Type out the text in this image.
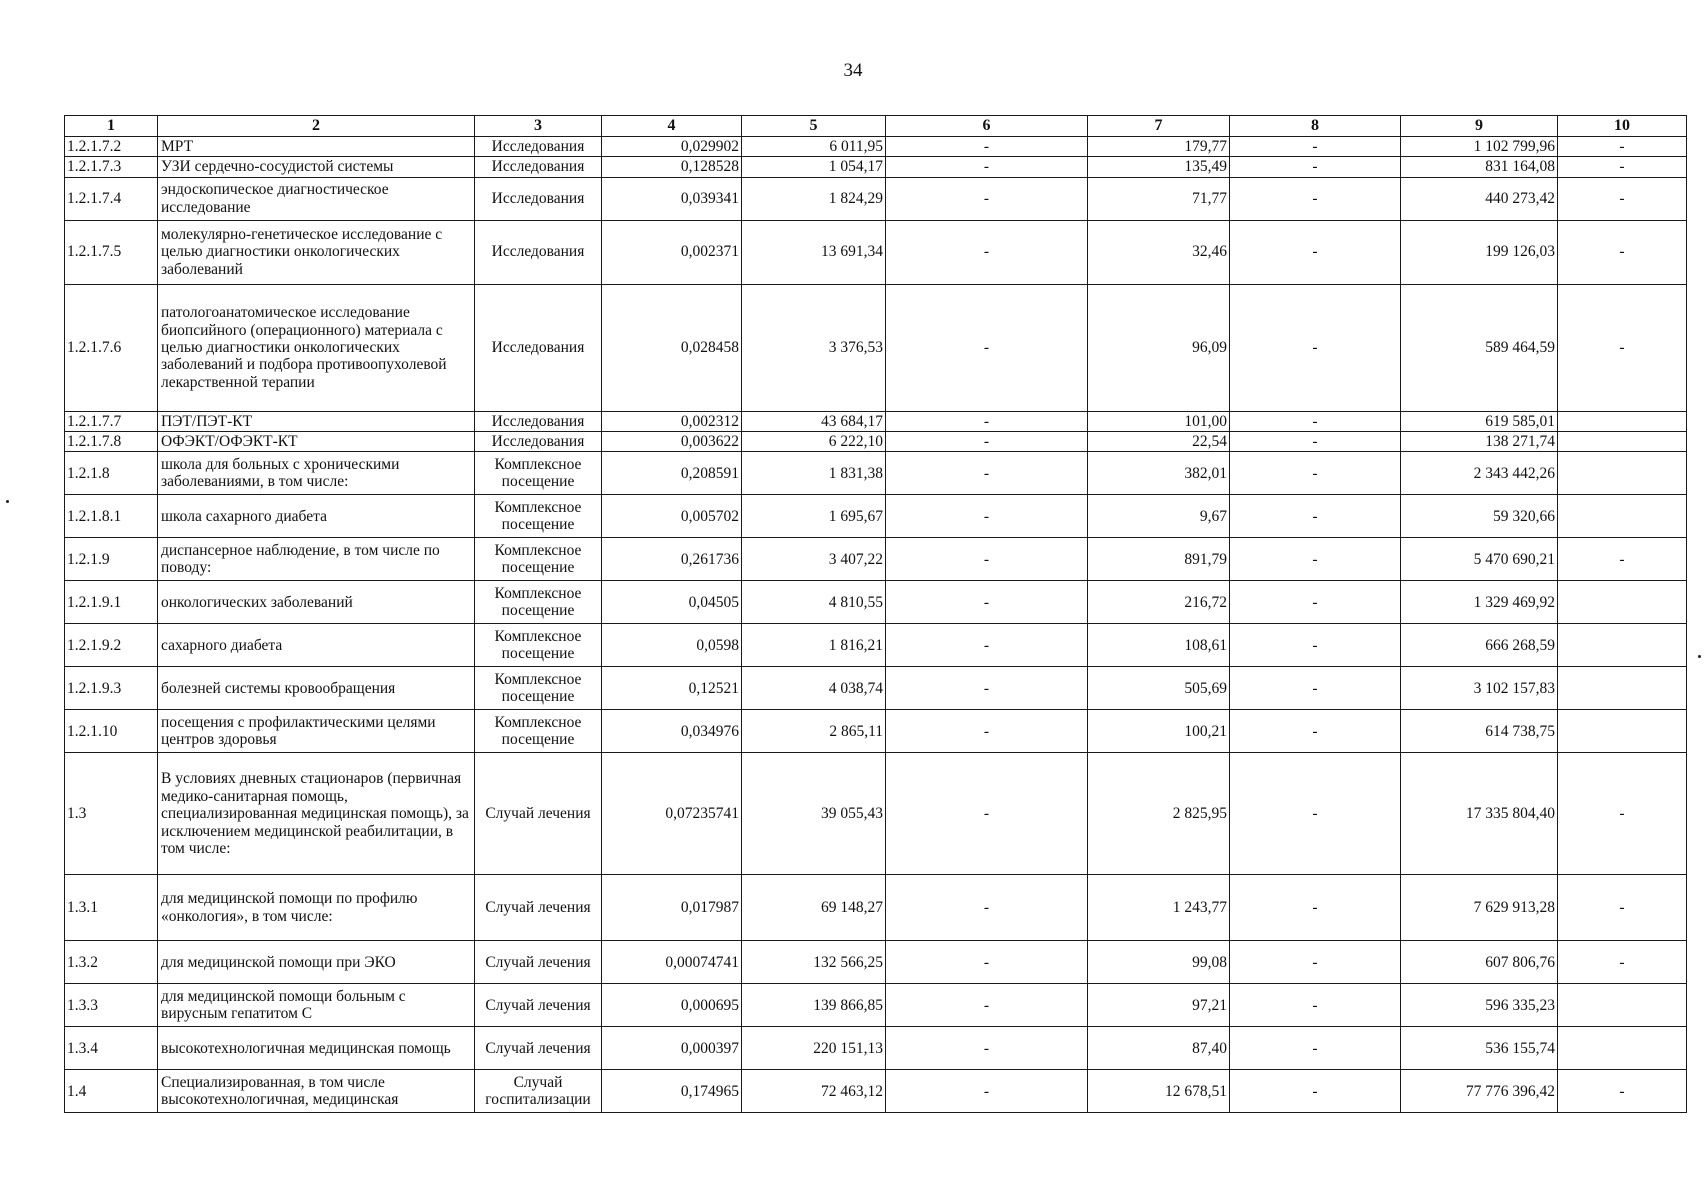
34
1	2	3	4	5	6	7	8	9	10
1.2.1.7.2	МРТ	Исследования	0,029902	6 011,95	-	179,77	-	1 102 799,96	-
1.2.1.7.3	УЗИ сердечно-сосудистой системы	Исследования	0,128528	1 054,17	-	135,49	-	831 164,08	-
1.2.1.7.4	эндоскопическое диагностическое исследование	Исследования	0,039341	1 824,29	-	71,77	-	440 273,42	-
1.2.1.7.5	молекулярно-генетическое исследование с целью диагностики онкологических заболеваний	Исследования	0,002371	13 691,34	-	32,46	-	199 126,03	-
1.2.1.7.6	патологоанатомическое исследование биопсийного (операционного) материала с целью диагностики онкологических заболеваний и подбора противоопухолевой лекарственной терапии	Исследования	0,028458	3 376,53	-	96,09	-	589 464,59	-
1.2.1.7.7	ПЭТ/ПЭТ-КТ	Исследования	0,002312	43 684,17	-	101,00	-	619 585,01	
1.2.1.7.8	ОФЭКТ/ОФЭКТ-КТ	Исследования	0,003622	6 222,10	-	22,54	-	138 271,74	
1.2.1.8	школа для больных с хроническими заболеваниями, в том числе:	Комплексное посещение	0,208591	1 831,38	-	382,01	-	2 343 442,26	
1.2.1.8.1	школа сахарного диабета	Комплексное посещение	0,005702	1 695,67	-	9,67	-	59 320,66	
1.2.1.9	диспансерное наблюдение, в том числе по поводу:	Комплексное посещение	0,261736	3 407,22	-	891,79	-	5 470 690,21	-
1.2.1.9.1	онкологических заболеваний	Комплексное посещение	0,04505	4 810,55	-	216,72	-	1 329 469,92	
1.2.1.9.2	сахарного диабета	Комплексное посещение	0,0598	1 816,21	-	108,61	-	666 268,59	
1.2.1.9.3	болезней системы кровообращения	Комплексное посещение	0,12521	4 038,74	-	505,69	-	3 102 157,83	
1.2.1.10	посещения с профилактическими целями центров здоровья	Комплексное посещение	0,034976	2 865,11	-	100,21	-	614 738,75	
1.3	В условиях дневных стационаров (первичная медико-санитарная помощь, специализированная медицинская помощь), за исключением медицинской реабилитации, в том числе:	Случай лечения	0,07235741	39 055,43	-	2 825,95	-	17 335 804,40	-
1.3.1	для медицинской помощи по профилю «онкология», в том числе:	Случай лечения	0,017987	69 148,27	-	1 243,77	-	7 629 913,28	-
1.3.2	для медицинской помощи при ЭКО	Случай лечения	0,00074741	132 566,25	-	99,08	-	607 806,76	-
1.3.3	для медицинской помощи больным с вирусным гепатитом С	Случай лечения	0,000695	139 866,85	-	97,21	-	596 335,23	
1.3.4	высокотехнологичная медицинская помощь	Случай лечения	0,000397	220 151,13	-	87,40	-	536 155,74	
1.4	Специализированная, в том числе высокотехнологичная, медицинская	Случай госпитализации	0,174965	72 463,12	-	12 678,51	-	77 776 396,42	-
